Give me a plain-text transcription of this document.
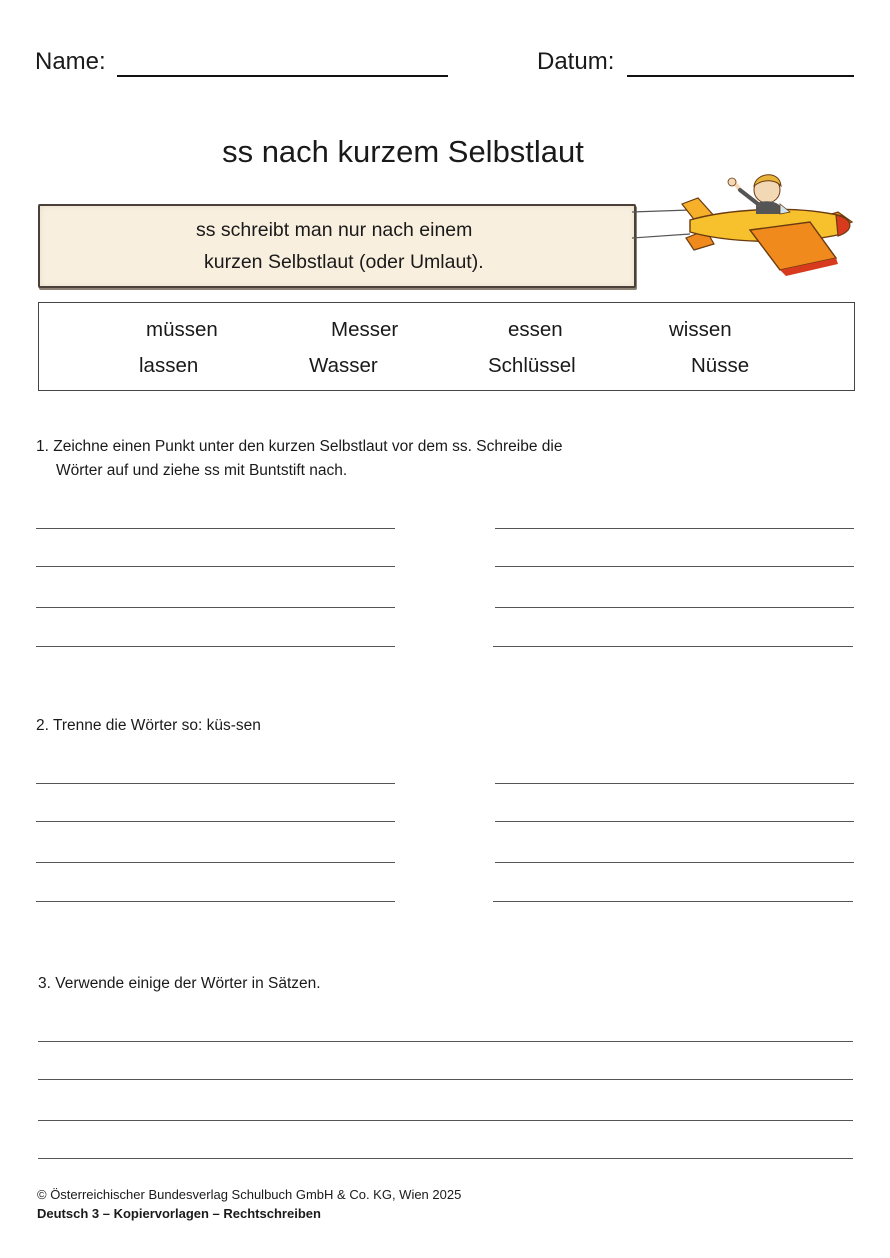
Name:	Datum:
ss nach kurzem Selbstlaut
ss schreibt man nur nach einem
kurzen Selbstlaut (oder Umlaut).
müssen	Messer	essen	wissen
lassen	Wasser	Schlüssel	Nüsse
1. Zeichne einen Punkt unter den kurzen Selbstlaut vor dem ss. Schreibe die
Wörter auf und ziehe ss mit Buntstift nach.
2. Trenne die Wörter so: küs-sen
3. Verwende einige der Wörter in Sätzen.
© Österreichischer Bundesverlag Schulbuch GmbH & Co. KG, Wien 2025
Deutsch 3 – Kopiervorlagen – Rechtschreiben
